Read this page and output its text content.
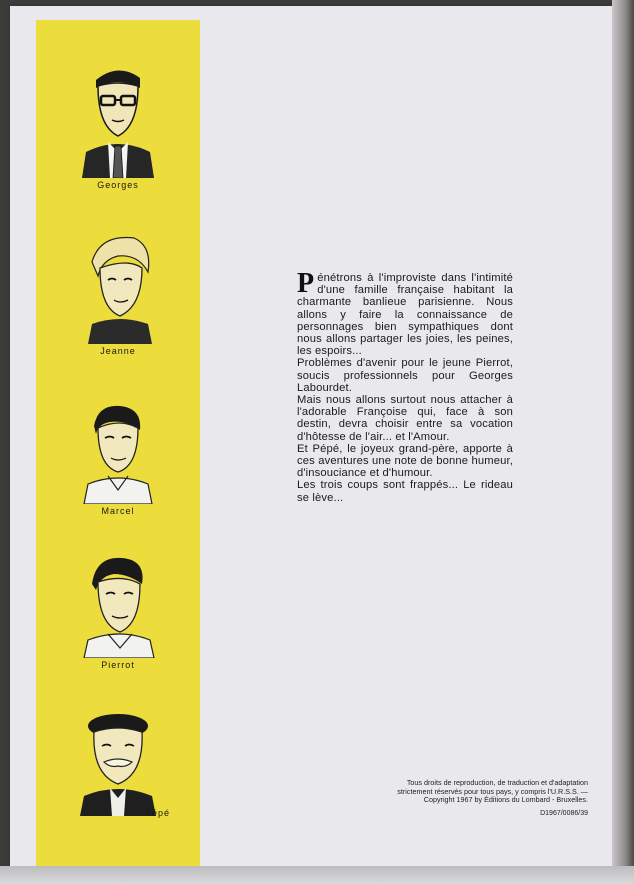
Georges
Jeanne
Marcel
Pierrot
Pépé

Pénétrons à l'improviste dans l'intimité d'une famille française habitant la charmante banlieue parisienne. Nous allons y faire la connaissance de personnages bien sympathiques dont nous allons partager les joies, les peines, les espoirs...

Problèmes d'avenir pour le jeune Pierrot, soucis professionnels pour Georges Labourdet.

Mais nous allons surtout nous attacher à l'adorable Françoise qui, face à son destin, devra choisir entre sa vocation d'hôtesse de l'air... et l'Amour.

Et Pépé, le joyeux grand-père, apporte à ces aventures une note de bonne humeur, d'insouciance et d'humour.

Les trois coups sont frappés... Le rideau se lève...

Tous droits de reproduction, de traduction et d'adaptation strictement réservés pour tous pays, y compris l'U.R.S.S. — Copyright 1967 by Éditions du Lombard - Bruxelles.
D1967/0086/39
